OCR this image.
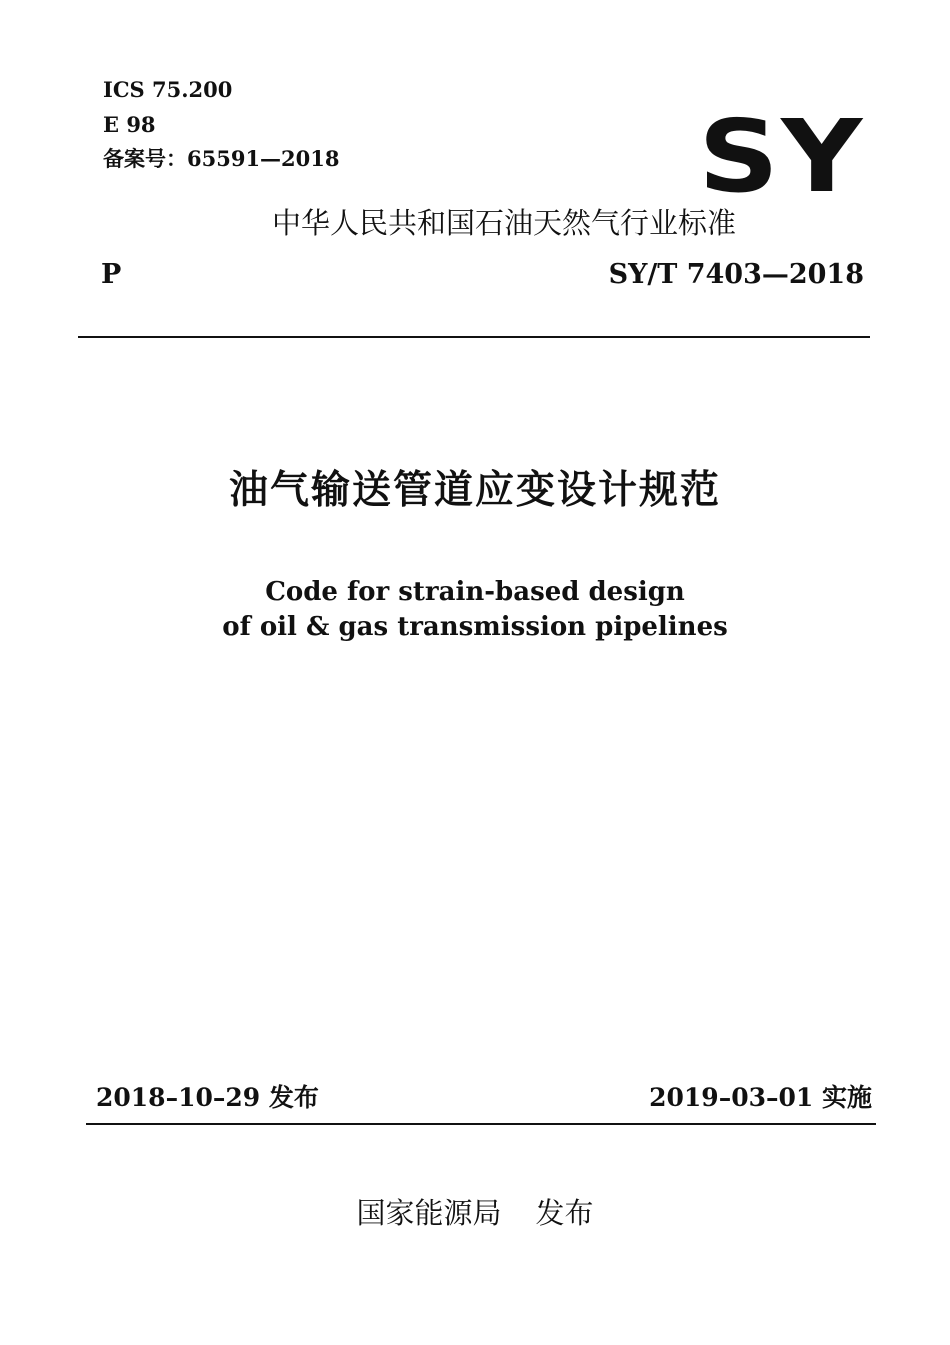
ICS 75.200
E 98
备案号：65591—2018	SY
中华人民共和国石油天然气行业标准
P	SY/T 7403—2018
油气输送管道应变设计规范
Code for strain-based design
of oil & gas transmission pipelines
2018–10–29 发布	2019–03–01 实施
国家能源局 发布
